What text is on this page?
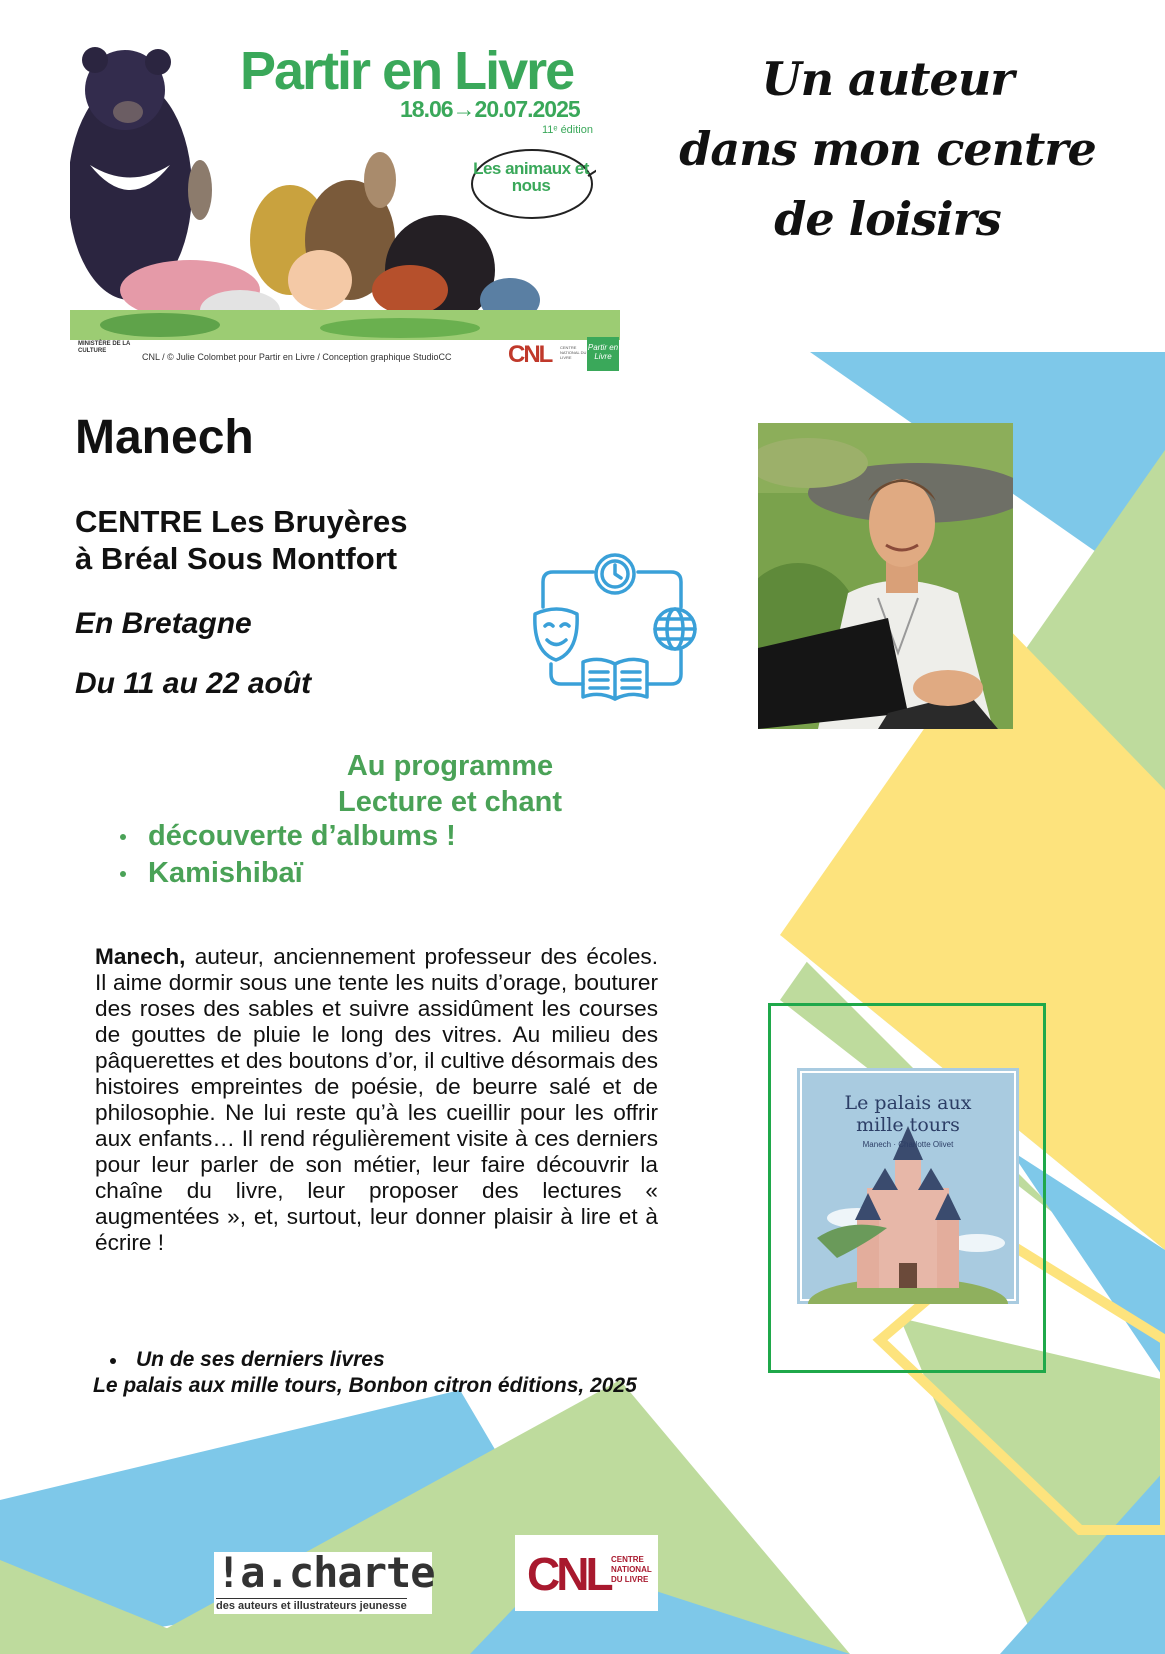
Partir en Livre
18.06→20.07.2025
11ᵉ édition
Les animaux et nous
MINISTÈRE DE LA CULTURE
CNL / © Julie Colombet pour Partir en Livre / Conception graphique StudioCC CNL CENTRE NATIONAL DU LIVRE
Partir en Livre
Un auteur
dans mon centre
de loisirs
Manech
CENTRE Les Bruyères
à Bréal Sous Montfort
En Bretagne
Du 11 au 22 août
Au programme
Lecture et chant
découverte d’albums !
Kamishibaï
Manech, auteur, anciennement professeur des écoles. Il aime dormir sous une tente les nuits d’orage, bouturer des roses des sables et suivre assidûment les courses de gouttes de pluie le long des vitres. Au milieu des pâquerettes et des boutons d’or, il cultive désormais des histoires empreintes de poésie, de beurre salé et de philosophie. Ne lui reste qu’à les cueillir pour les offrir aux enfants… Il rend régulièrement visite à ces derniers pour leur parler de son métier, leur faire découvrir la chaîne du livre, leur proposer des lectures « augmentées », et, surtout, leur donner plaisir à lire et à écrire !
Le palais aux
mille tours
Manech · Charlotte Olivet
Un de ses derniers livres
Le palais aux mille tours, Bonbon citron éditions, 2025
!a.charte
des auteurs et illustrateurs jeunesse
CNL CENTRE NATIONAL DU LIVRE
